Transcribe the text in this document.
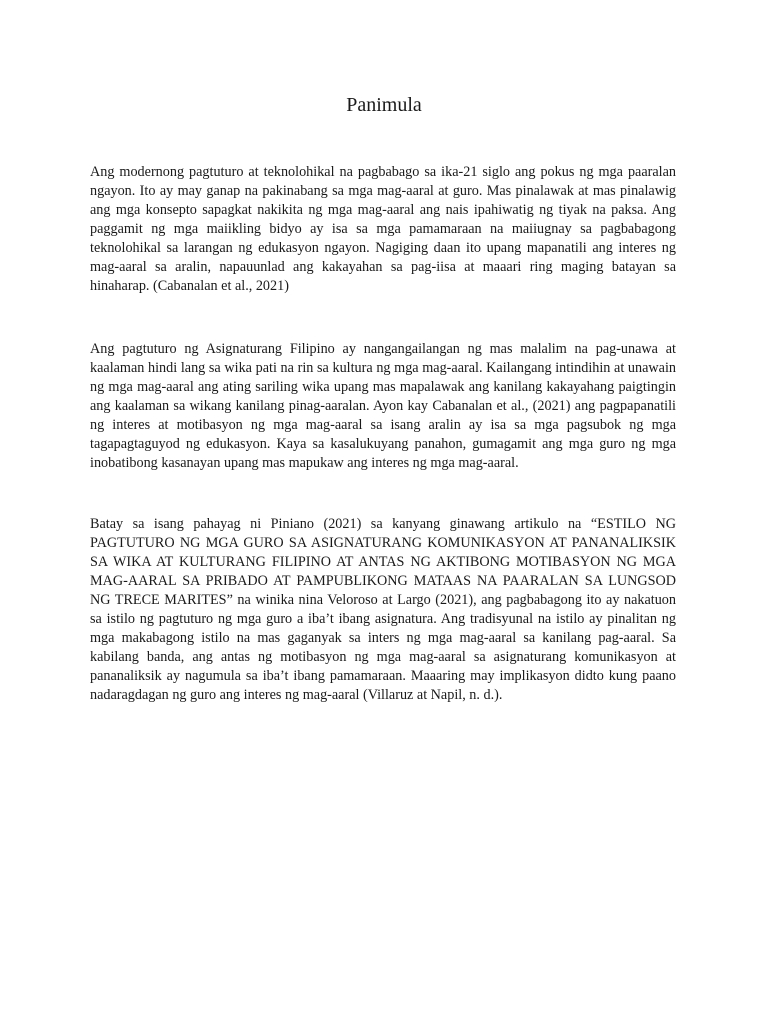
Panimula

Ang modernong pagtuturo at teknolohikal na pagbabago sa ika-21 siglo ang pokus ng mga paaralan ngayon. Ito ay may ganap na pakinabang sa mga mag-aaral at guro. Mas pinalawak at mas pinalawig ang mga konsepto sapagkat nakikita ng mga mag-aaral ang nais ipahiwatig ng tiyak na paksa. Ang paggamit ng mga maiikling bidyo ay isa sa mga pamamaraan na maiiugnay sa pagbabagong teknolohikal sa larangan ng edukasyon ngayon. Nagiging daan ito upang mapanatili ang interes ng mag-aaral sa aralin, napauunlad ang kakayahan sa pag-iisa at maaari ring maging batayan sa hinaharap. (Cabanalan et al., 2021)

Ang pagtuturo ng Asignaturang Filipino ay nangangailangan ng mas malalim na pag-unawa at kaalaman hindi lang sa wika pati na rin sa kultura ng mga mag-aaral. Kailangang intindihin at unawain ng mga mag-aaral ang ating sariling wika upang mas mapalawak ang kanilang kakayahang paigtingin ang kaalaman sa wikang kanilang pinag-aaralan. Ayon kay Cabanalan et al., (2021) ang pagpapanatili ng interes at motibasyon ng mga mag-aaral sa isang aralin ay isa sa mga pagsubok ng mga tagapagtaguyod ng edukasyon. Kaya sa kasalukuyang panahon, gumagamit ang mga guro ng mga inobatibong kasanayan upang mas mapukaw ang interes ng mga mag-aaral.

Batay sa isang pahayag ni Piniano (2021) sa kanyang ginawang artikulo na “ESTILO NG PAGTUTURO NG MGA GURO SA ASIGNATURANG KOMUNIKASYON AT PANANALIKSIK SA WIKA AT KULTURANG FILIPINO AT ANTAS NG AKTIBONG MOTIBASYON NG MGA MAG-AARAL SA PRIBADO AT PAMPUBLIKONG MATAAS NA PAARALAN SA LUNGSOD NG TRECE MARITES” na winika nina Veloroso at Largo (2021), ang pagbabagong ito ay nakatuon sa istilo ng pagtuturo ng mga guro a iba’t ibang asignatura. Ang tradisyunal na istilo ay pinalitan ng mga makabagong istilo na mas gaganyak sa inters ng mga mag-aaral sa kanilang pag-aaral. Sa kabilang banda, ang antas ng motibasyon ng mga mag-aaral sa asignaturang komunikasyon at pananaliksik ay nagumula sa iba’t ibang pamamaraan. Maaaring may implikasyon didto kung paano nadaragdagan ng guro ang interes ng mag-aaral (Villaruz at Napil, n. d.).
